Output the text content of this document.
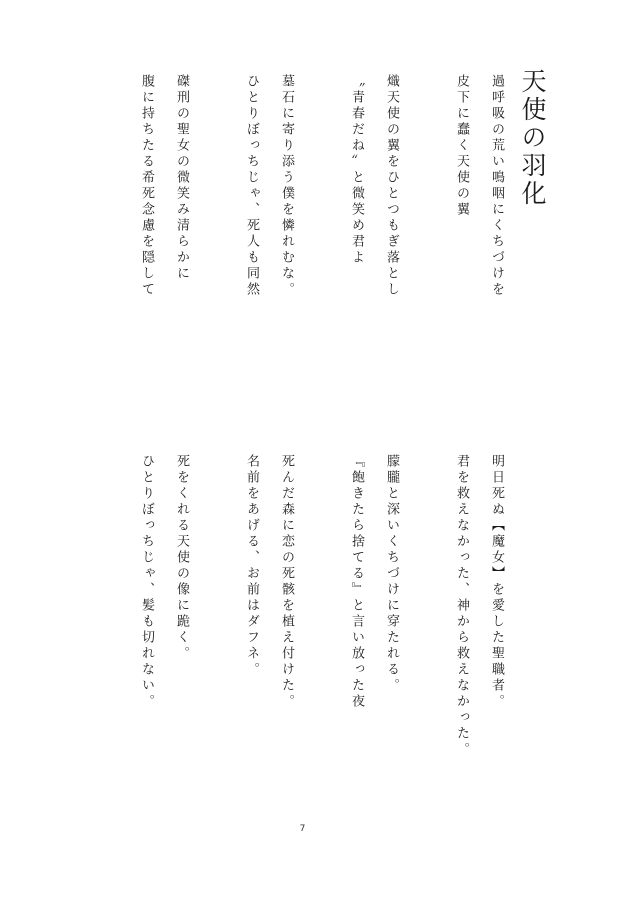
天使の羽化
過呼吸の荒い鳴咽にくちづけを
皮下に蠢く天使の翼
熾天使の翼をひとつもぎ落とし
〝青春だね〟と微笑め君よ
墓石に寄り添う僕を憐れむな。
ひとりぼっちじゃ、死人も同然
磔刑の聖女の微笑み清らかに
腹に持ちたる希死念慮を隠して
明日死ぬ【魔女】を愛した聖職者。
君を救えなかった、神から救えなかった。
朦朧と深いくちづけに穿たれる。
『飽きたら捨てる』と言い放った夜
死んだ森に恋の死骸を植え付けた。
名前をあげる、お前はダフネ。
死をくれる天使の像に跪く。
ひとりぼっちじゃ、髪も切れない。
7
